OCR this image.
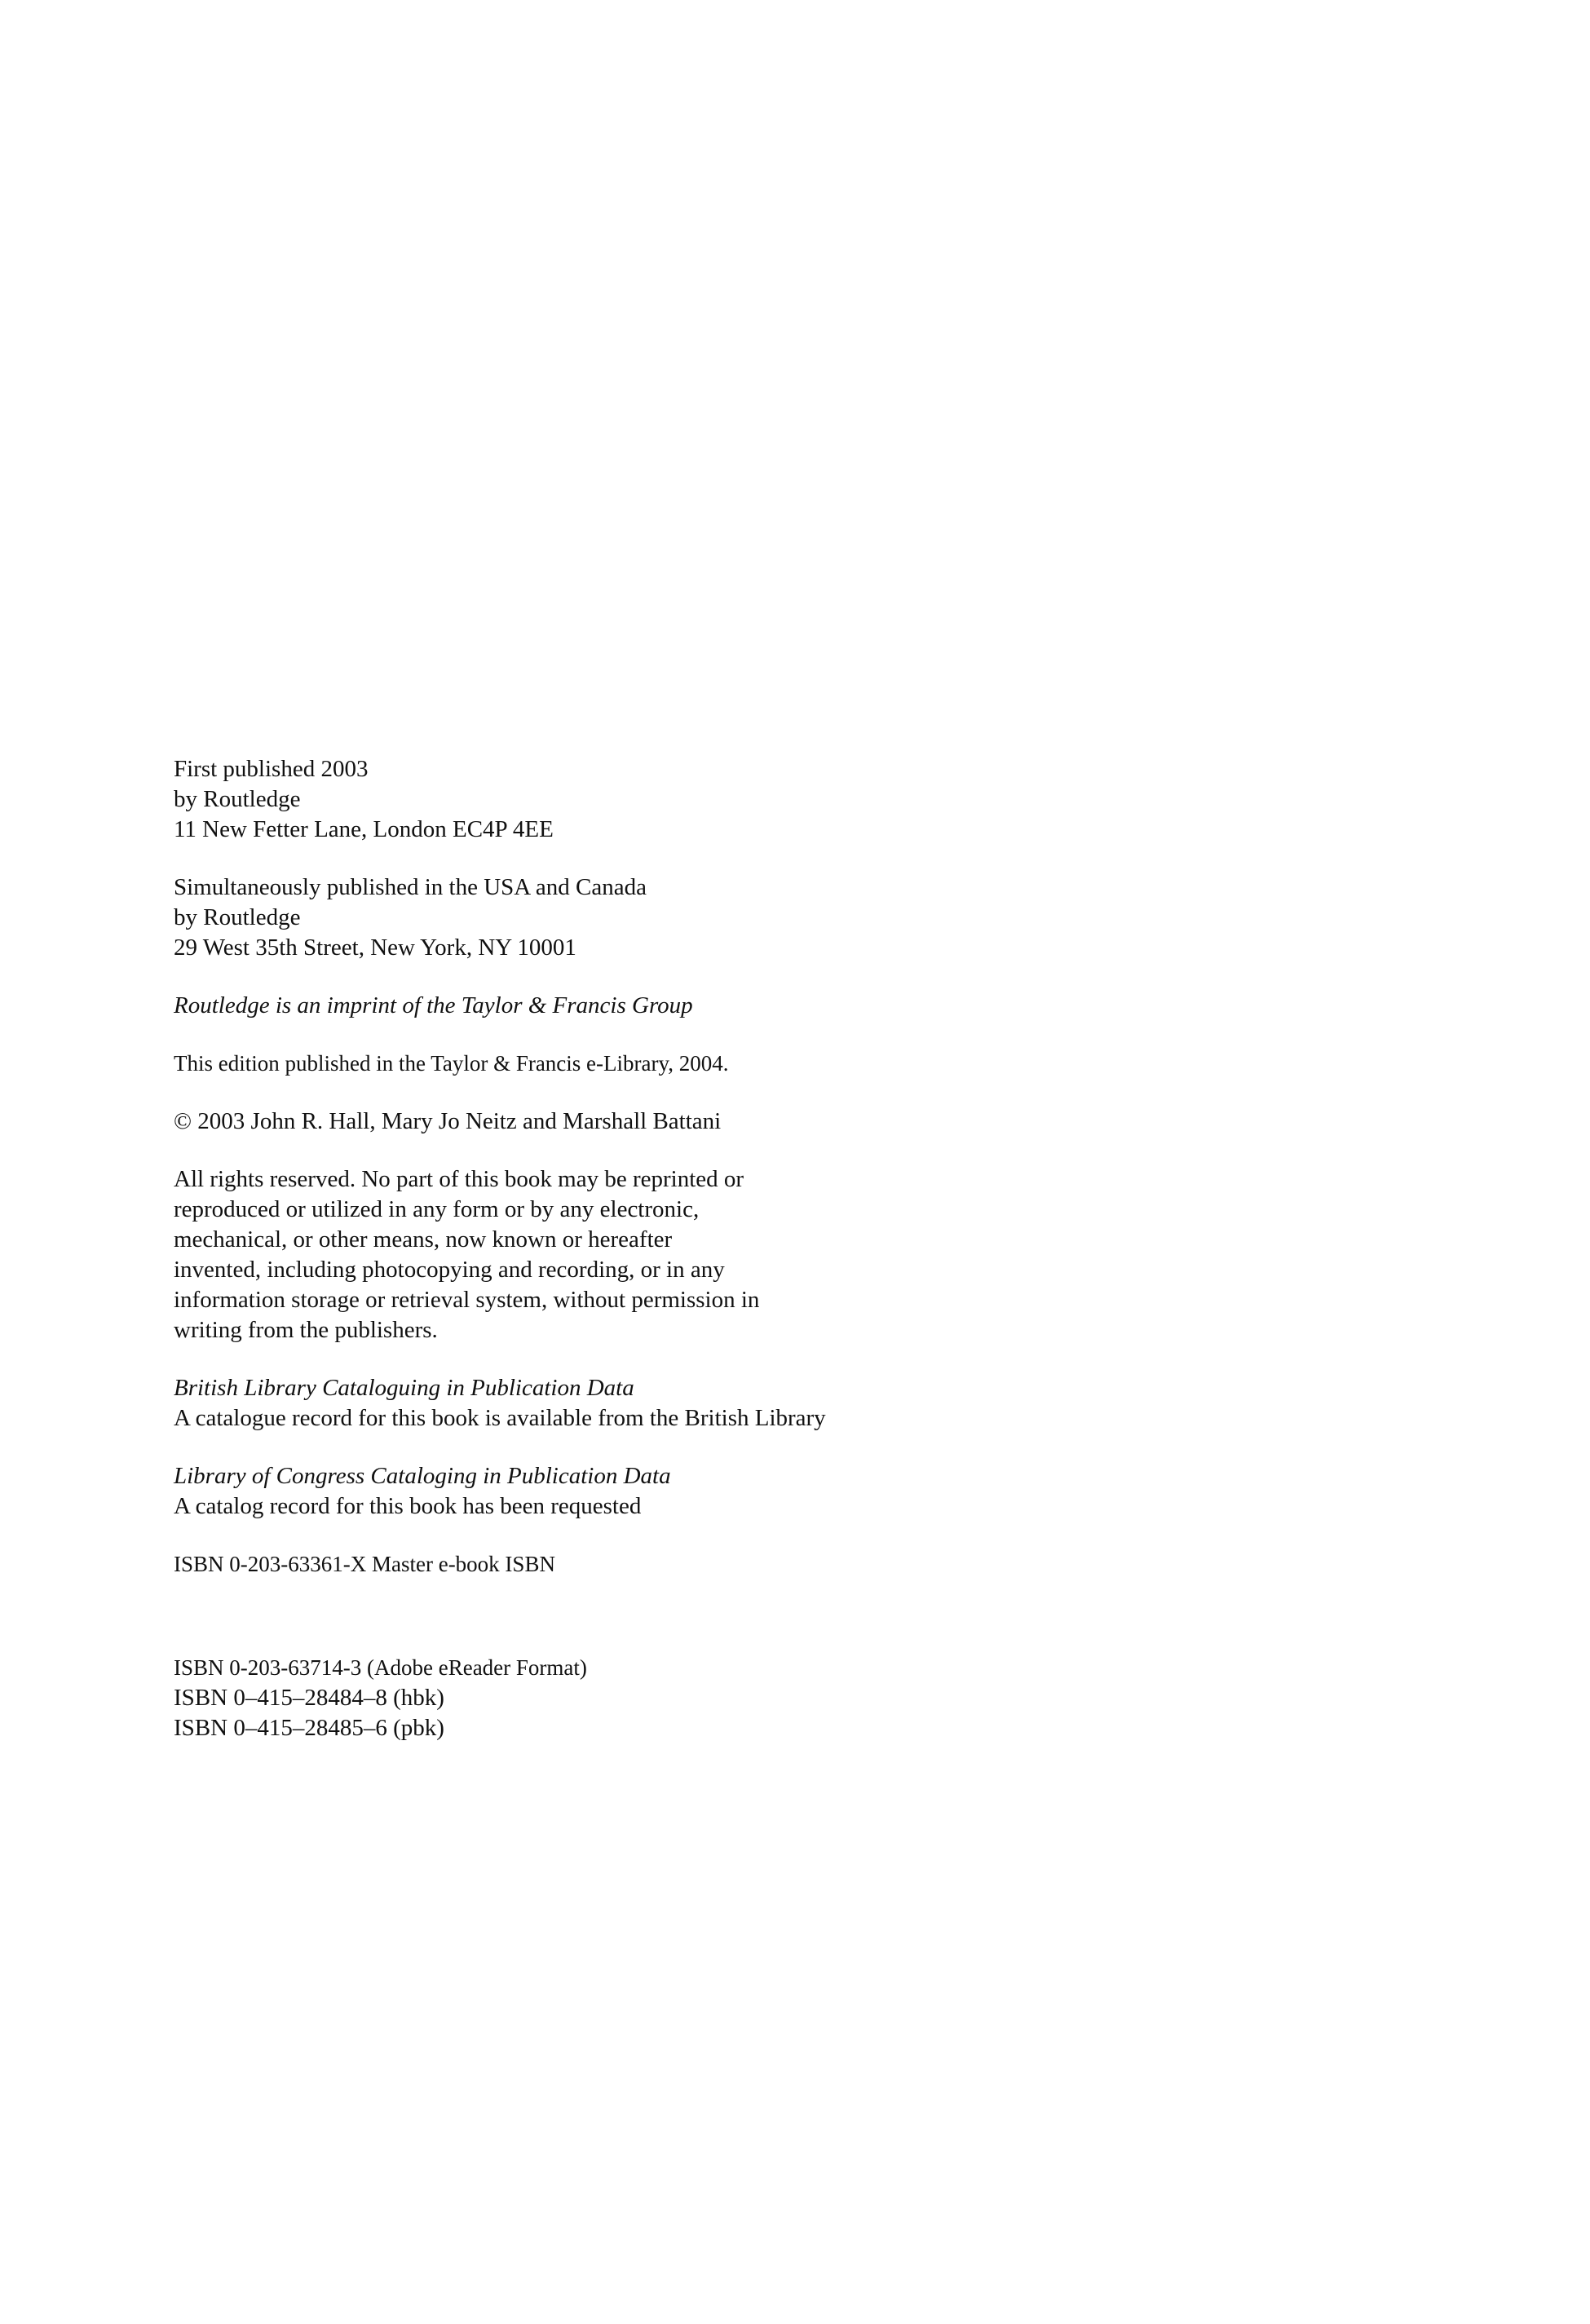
First published 2003
by Routledge
11 New Fetter Lane, London EC4P 4EE
Simultaneously published in the USA and Canada
by Routledge
29 West 35th Street, New York, NY 10001
Routledge is an imprint of the Taylor & Francis Group
This edition published in the Taylor & Francis e-Library, 2004.
© 2003 John R. Hall, Mary Jo Neitz and Marshall Battani
All rights reserved. No part of this book may be reprinted or
reproduced or utilized in any form or by any electronic,
mechanical, or other means, now known or hereafter
invented, including photocopying and recording, or in any
information storage or retrieval system, without permission in
writing from the publishers.
British Library Cataloguing in Publication Data
A catalogue record for this book is available from the British Library
Library of Congress Cataloging in Publication Data
A catalog record for this book has been requested
ISBN 0-203-63361-X Master e-book ISBN
ISBN 0-203-63714-3 (Adobe eReader Format)
ISBN 0–415–28484–8 (hbk)
ISBN 0–415–28485–6 (pbk)
